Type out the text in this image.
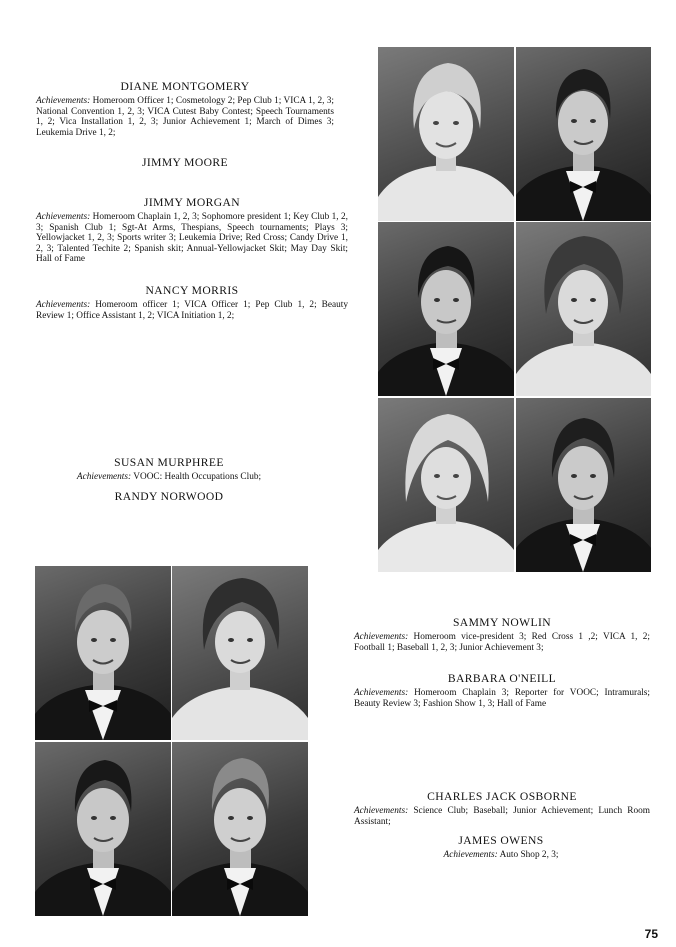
DIANE MONTGOMERY

Achievements: Homeroom Officer 1; Cosmetology 2; Pep Club 1; VICA 1, 2, 3; National Convention 1, 2, 3; VICA Cutest Baby Contest; Speech Tournaments 1, 2; Vica Installation 1, 2, 3; Junior Achievement 1; March of Dimes 3; Leukemia Drive 1, 2;

JIMMY MOORE
JIMMY MORGAN

Achievements: Homeroom Chaplain 1, 2, 3; Sophomore president 1; Key Club 1, 2, 3; Spanish Club 1; Sgt-At Arms, Thespians, Speech tournaments; Plays 3; Yellowjacket 1, 2, 3; Sports writer 3; Leukemia Drive; Red Cross; Candy Drive 1, 2, 3; Talented Techite 2; Spanish skit; Annual-Yellowjacket Skit; May Day Skit; Hall of Fame

NANCY MORRIS

Achievements: Homeroom officer 1; VICA Officer 1; Pep Club 1, 2; Beauty Review 1; Office Assistant 1, 2; VICA Initiation 1, 2;

SUSAN MURPHREE

Achievements: VOOC: Health Occupations Club;

RANDY NORWOOD
SAMMY NOWLIN

Achievements: Homeroom vice-president 3; Red Cross 1 ,2; VICA 1, 2; Football 1; Baseball 1, 2, 3; Junior Achievement 3;

BARBARA O'NEILL

Achievements: Homeroom Chaplain 3; Reporter for VOOC; Intramurals; Beauty Review 3; Fashion Show 1, 3; Hall of Fame

CHARLES JACK OSBORNE

Achievements: Science Club; Baseball; Junior Achievement; Lunch Room Assistant;

JAMES OWENS

Achievements: Auto Shop 2, 3;

75
